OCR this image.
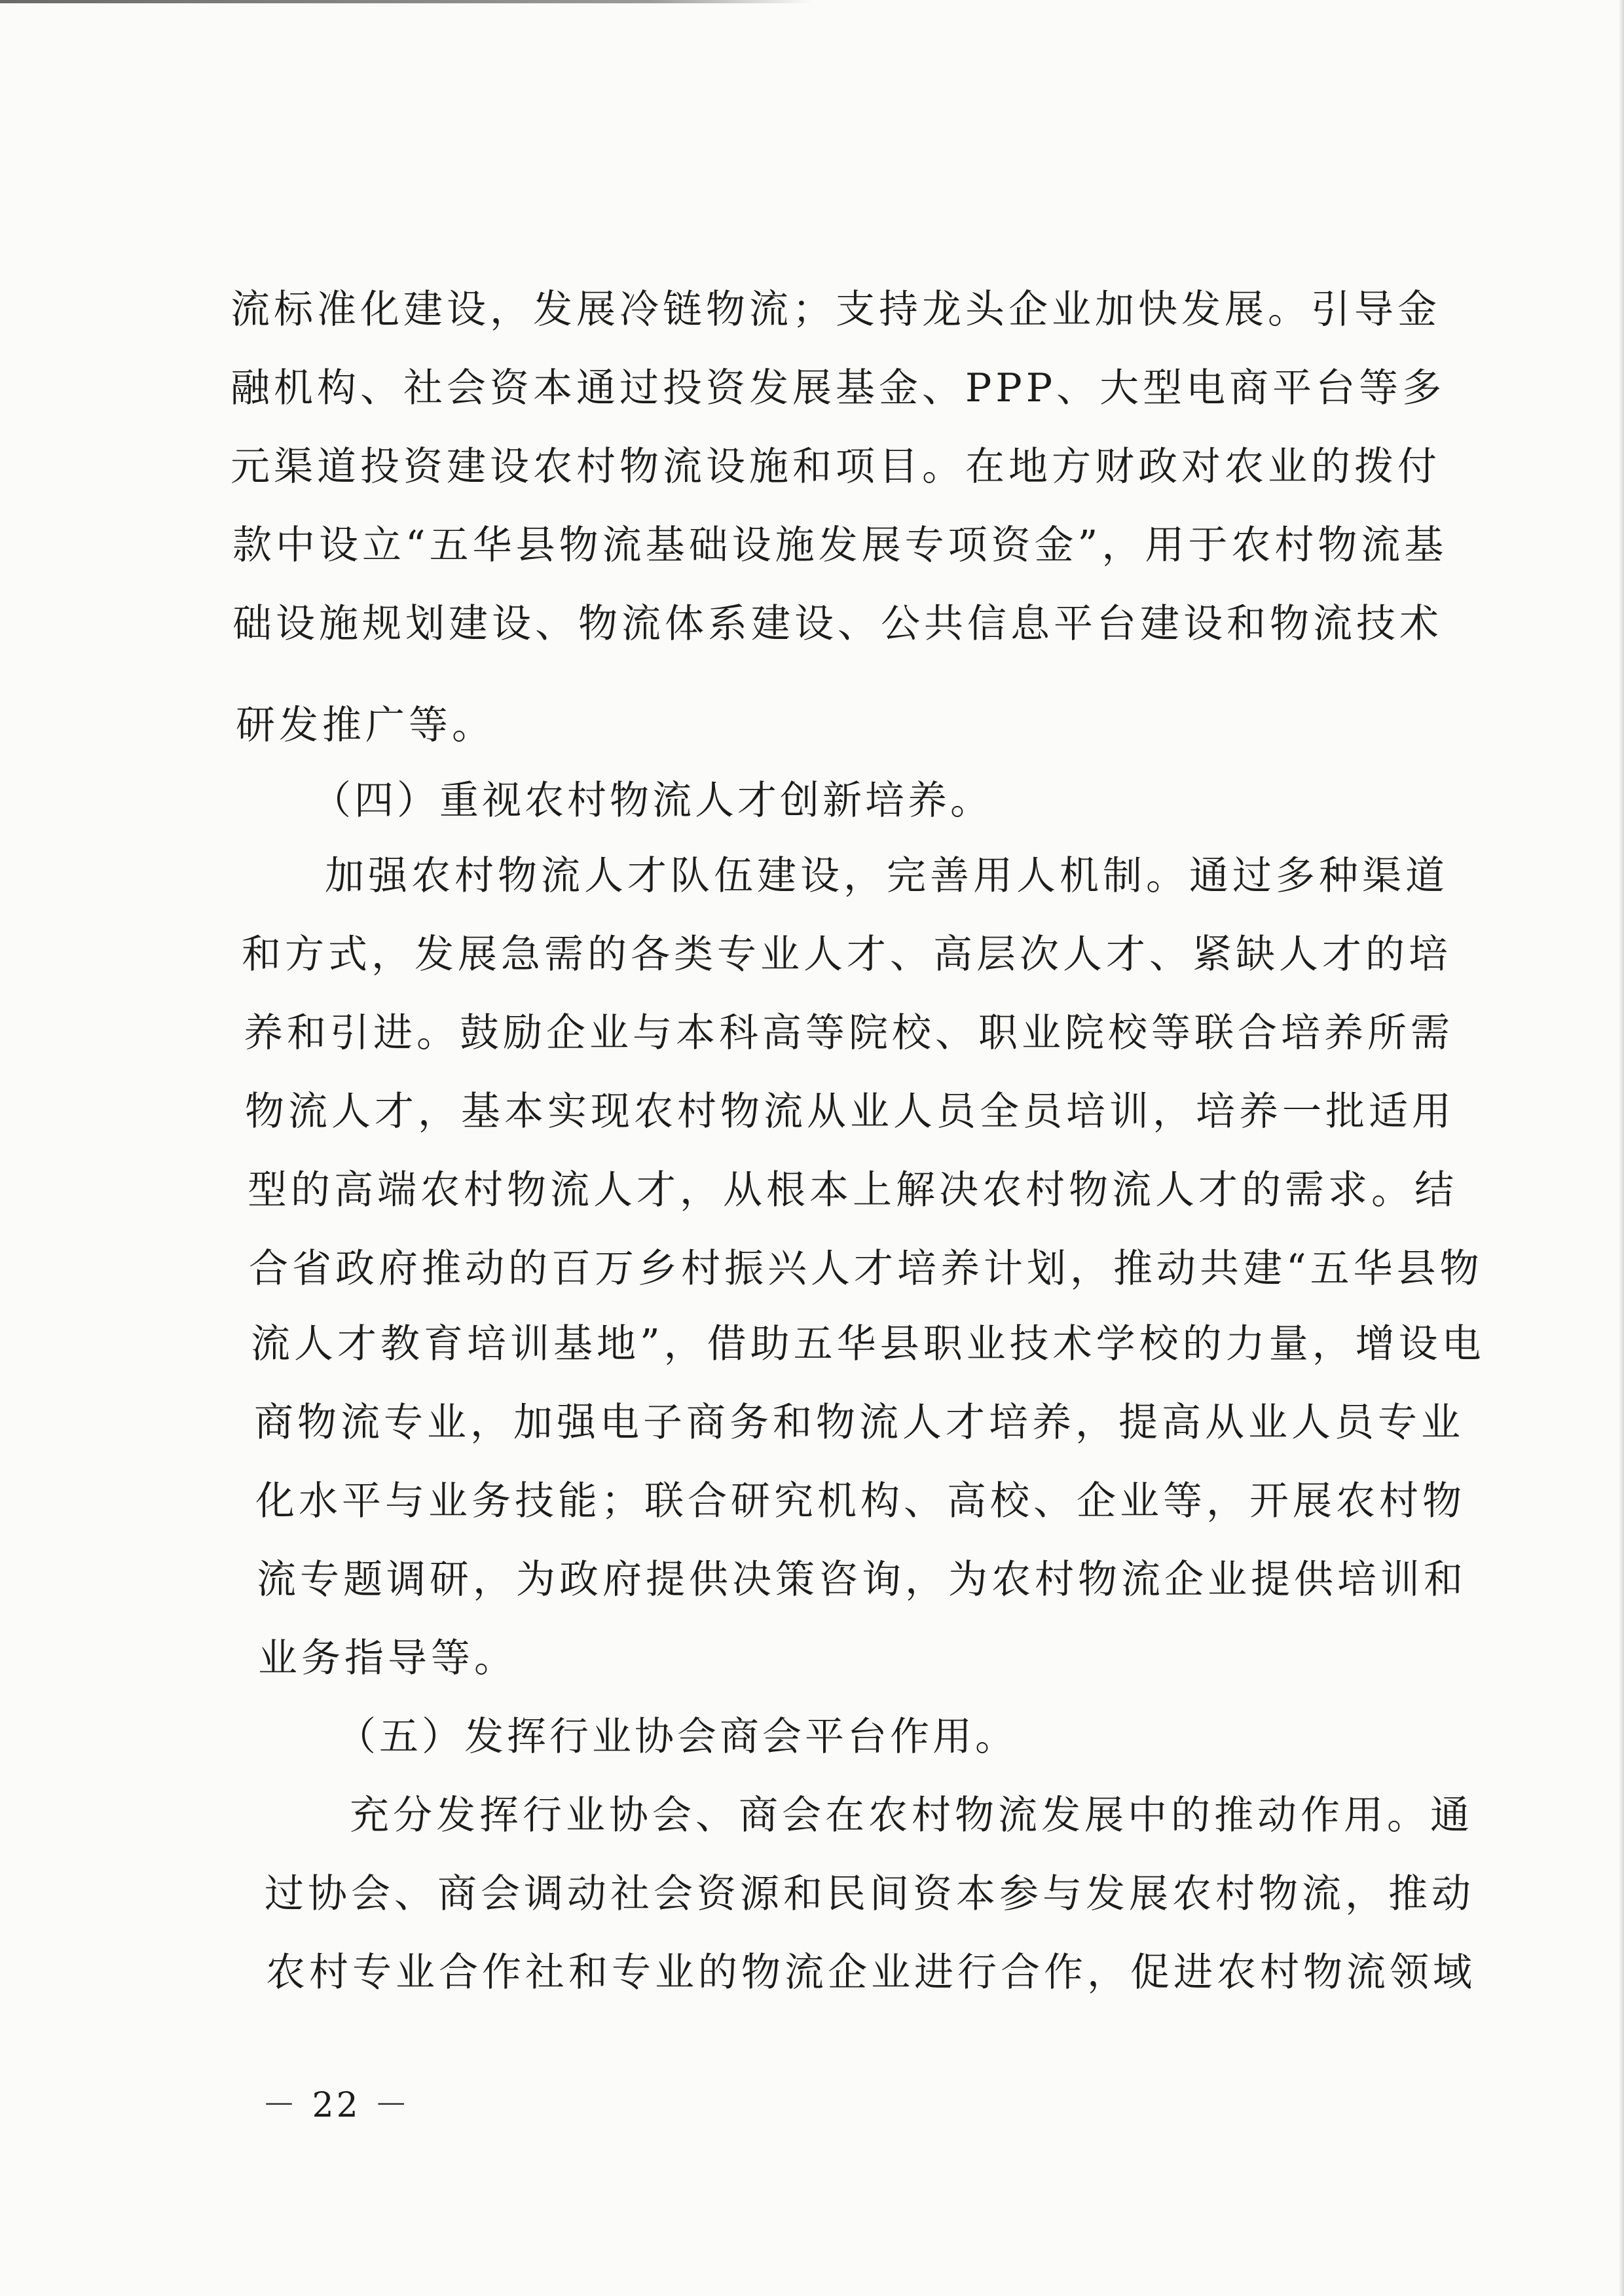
流标准化建设，发展冷链物流；支持龙头企业加快发展。引导金
融机构、社会资本通过投资发展基金、PPP、大型电商平台等多
元渠道投资建设农村物流设施和项目。在地方财政对农业的拨付
款中设立“五华县物流基础设施发展专项资金”，用于农村物流基
础设施规划建设、物流体系建设、公共信息平台建设和物流技术
研发推广等。
（四）重视农村物流人才创新培养。
加强农村物流人才队伍建设，完善用人机制。通过多种渠道
和方式，发展急需的各类专业人才、高层次人才、紧缺人才的培
养和引进。鼓励企业与本科高等院校、职业院校等联合培养所需
物流人才，基本实现农村物流从业人员全员培训，培养一批适用
型的高端农村物流人才，从根本上解决农村物流人才的需求。结
合省政府推动的百万乡村振兴人才培养计划，推动共建“五华县物
流人才教育培训基地”，借助五华县职业技术学校的力量，增设电
商物流专业，加强电子商务和物流人才培养，提高从业人员专业
化水平与业务技能；联合研究机构、高校、企业等，开展农村物
流专题调研，为政府提供决策咨询，为农村物流企业提供培训和
业务指导等。
（五）发挥行业协会商会平台作用。
充分发挥行业协会、商会在农村物流发展中的推动作用。通
过协会、商会调动社会资源和民间资本参与发展农村物流，推动
农村专业合作社和专业的物流企业进行合作，促进农村物流领域
－ 22 －
